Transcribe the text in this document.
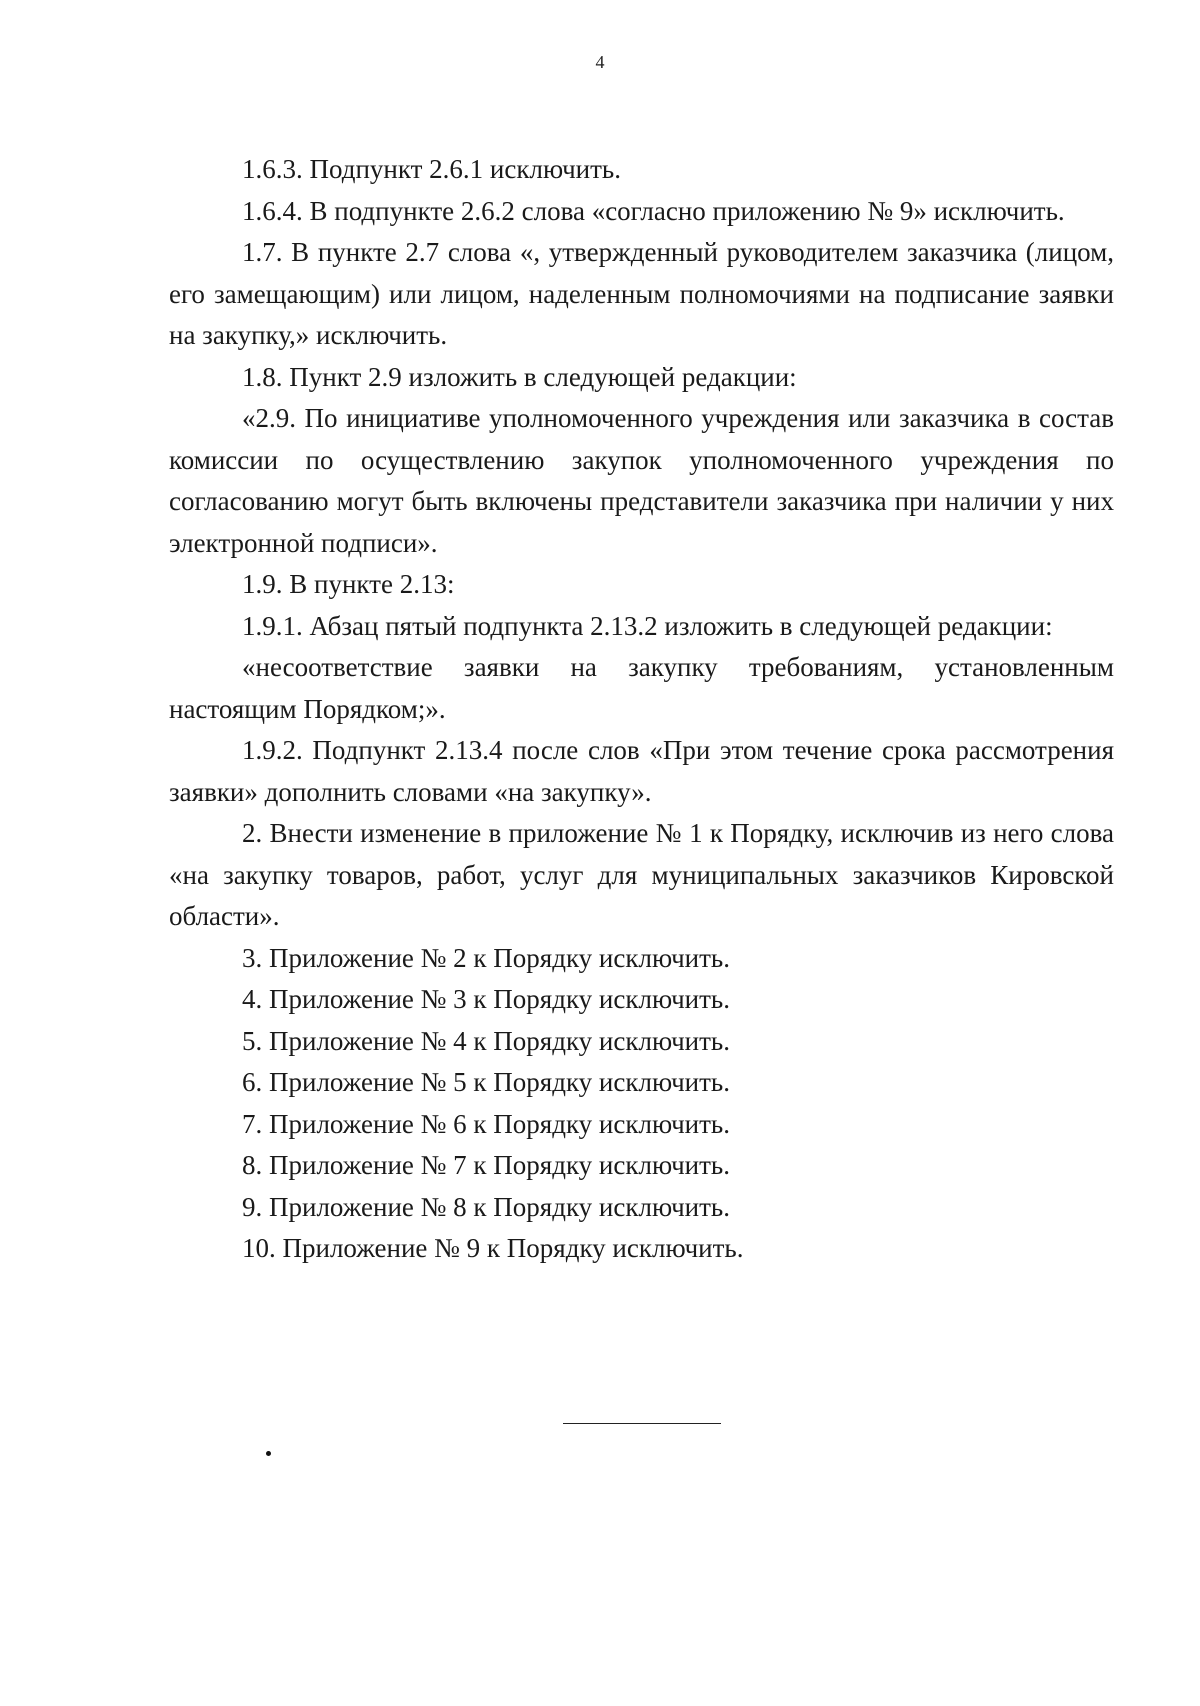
4

1.6.3. Подпункт 2.6.1 исключить.

1.6.4. В подпункте 2.6.2 слова «согласно приложению № 9» исключить.

1.7. В пункте 2.7 слова «, утвержденный руководителем заказчика (лицом, его замещающим) или лицом, наделенным полномочиями на подписание заявки на закупку,» исключить.

1.8. Пункт 2.9 изложить в следующей редакции:

«2.9. По инициативе уполномоченного учреждения или заказчика в состав комиссии по осуществлению закупок уполномоченного учреждения по согласованию могут быть включены представители заказчика при наличии у них электронной подписи».

1.9. В пункте 2.13:

1.9.1. Абзац пятый подпункта 2.13.2 изложить в следующей редакции:

«несоответствие заявки на закупку требованиям, установленным настоящим Порядком;».

1.9.2. Подпункт 2.13.4 после слов «При этом течение срока рассмотрения заявки» дополнить словами «на закупку».

2. Внести изменение в приложение № 1 к Порядку, исключив из него слова «на закупку товаров, работ, услуг для муниципальных заказчиков Кировской области».

3. Приложение № 2 к Порядку исключить.

4. Приложение № 3 к Порядку исключить.

5. Приложение № 4 к Порядку исключить.

6. Приложение № 5 к Порядку исключить.

7. Приложение № 6 к Порядку исключить.

8. Приложение № 7 к Порядку исключить.

9. Приложение № 8 к Порядку исключить.

10. Приложение № 9 к Порядку исключить.
